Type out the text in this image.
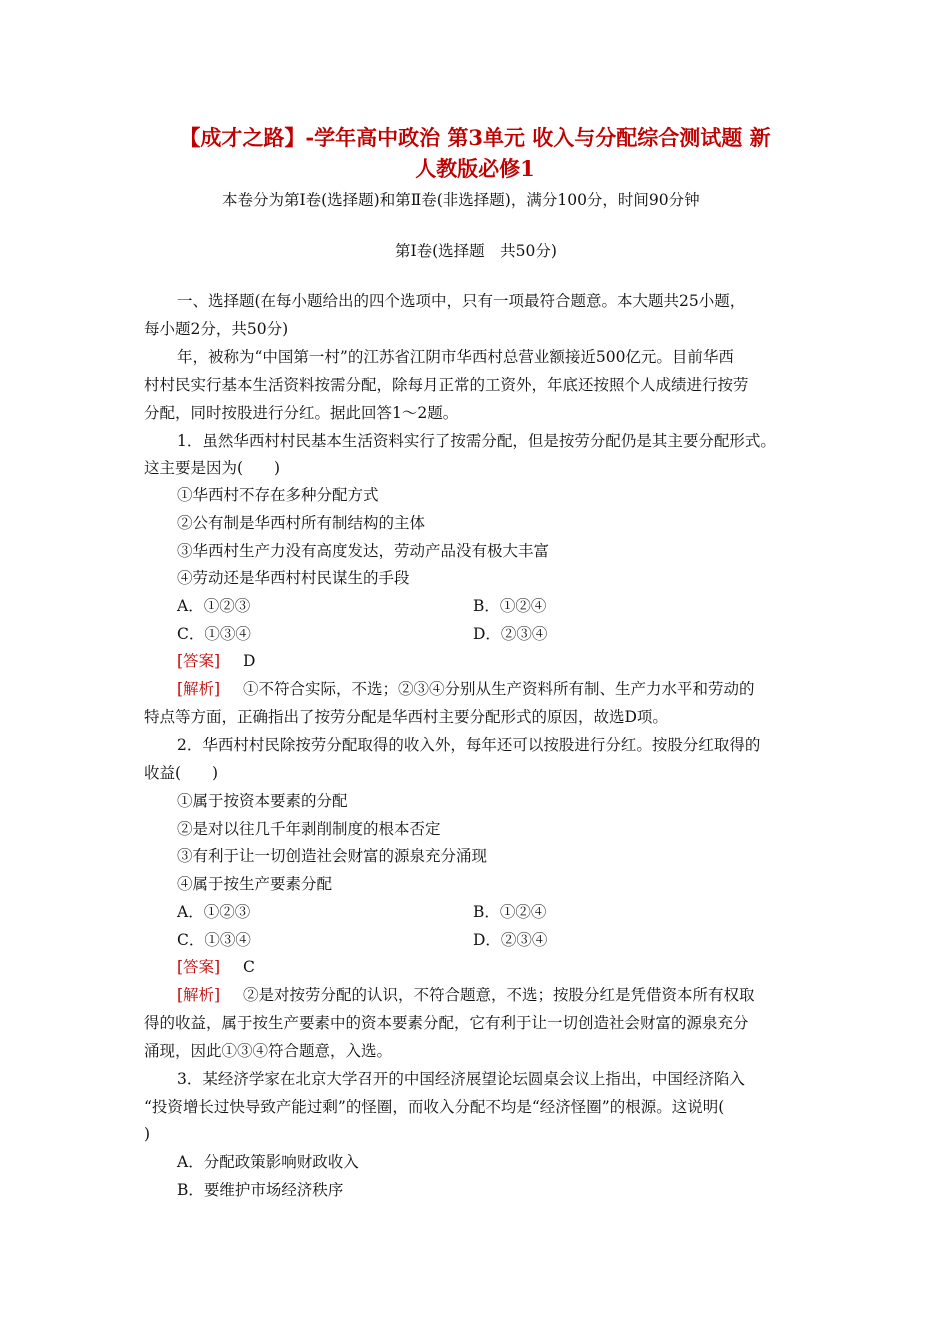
【成才之路】-学年高中政治 第3单元 收入与分配综合测试题 新
人教版必修1
本卷分为第Ⅰ卷(选择题)和第Ⅱ卷(非选择题)，满分100分，时间90分钟
第Ⅰ卷(选择题　共50分)
一、选择题(在每小题给出的四个选项中，只有一项最符合题意。本大题共25小题，
每小题2分，共50分)
年，被称为“中国第一村”的江苏省江阴市华西村总营业额接近500亿元。目前华西
村村民实行基本生活资料按需分配，除每月正常的工资外，年底还按照个人成绩进行按劳
分配，同时按股进行分红。据此回答1～2题。
1．虽然华西村村民基本生活资料实行了按需分配，但是按劳分配仍是其主要分配形式。
这主要是因为(　　)
①华西村不存在多种分配方式
②公有制是华西村所有制结构的主体
③华西村生产力没有高度发达，劳动产品没有极大丰富
④劳动还是华西村村民谋生的手段
A．①②③	B．①②④
C．①③④	D．②③④
[答案] D
[解析] ①不符合实际，不选；②③④分别从生产资料所有制、生产力水平和劳动的
特点等方面，正确指出了按劳分配是华西村主要分配形式的原因，故选D项。
2．华西村村民除按劳分配取得的收入外，每年还可以按股进行分红。按股分红取得的
收益(　　)
①属于按资本要素的分配
②是对以往几千年剥削制度的根本否定
③有利于让一切创造社会财富的源泉充分涌现
④属于按生产要素分配
A．①②③	B．①②④
C．①③④	D．②③④
[答案] C
[解析] ②是对按劳分配的认识，不符合题意，不选；按股分红是凭借资本所有权取
得的收益，属于按生产要素中的资本要素分配，它有利于让一切创造社会财富的源泉充分
涌现，因此①③④符合题意，入选。
3．某经济学家在北京大学召开的中国经济展望论坛圆桌会议上指出，中国经济陷入
“投资增长过快导致产能过剩”的怪圈，而收入分配不均是“经济怪圈”的根源。这说明(
)
A．分配政策影响财政收入
B．要维护市场经济秩序
